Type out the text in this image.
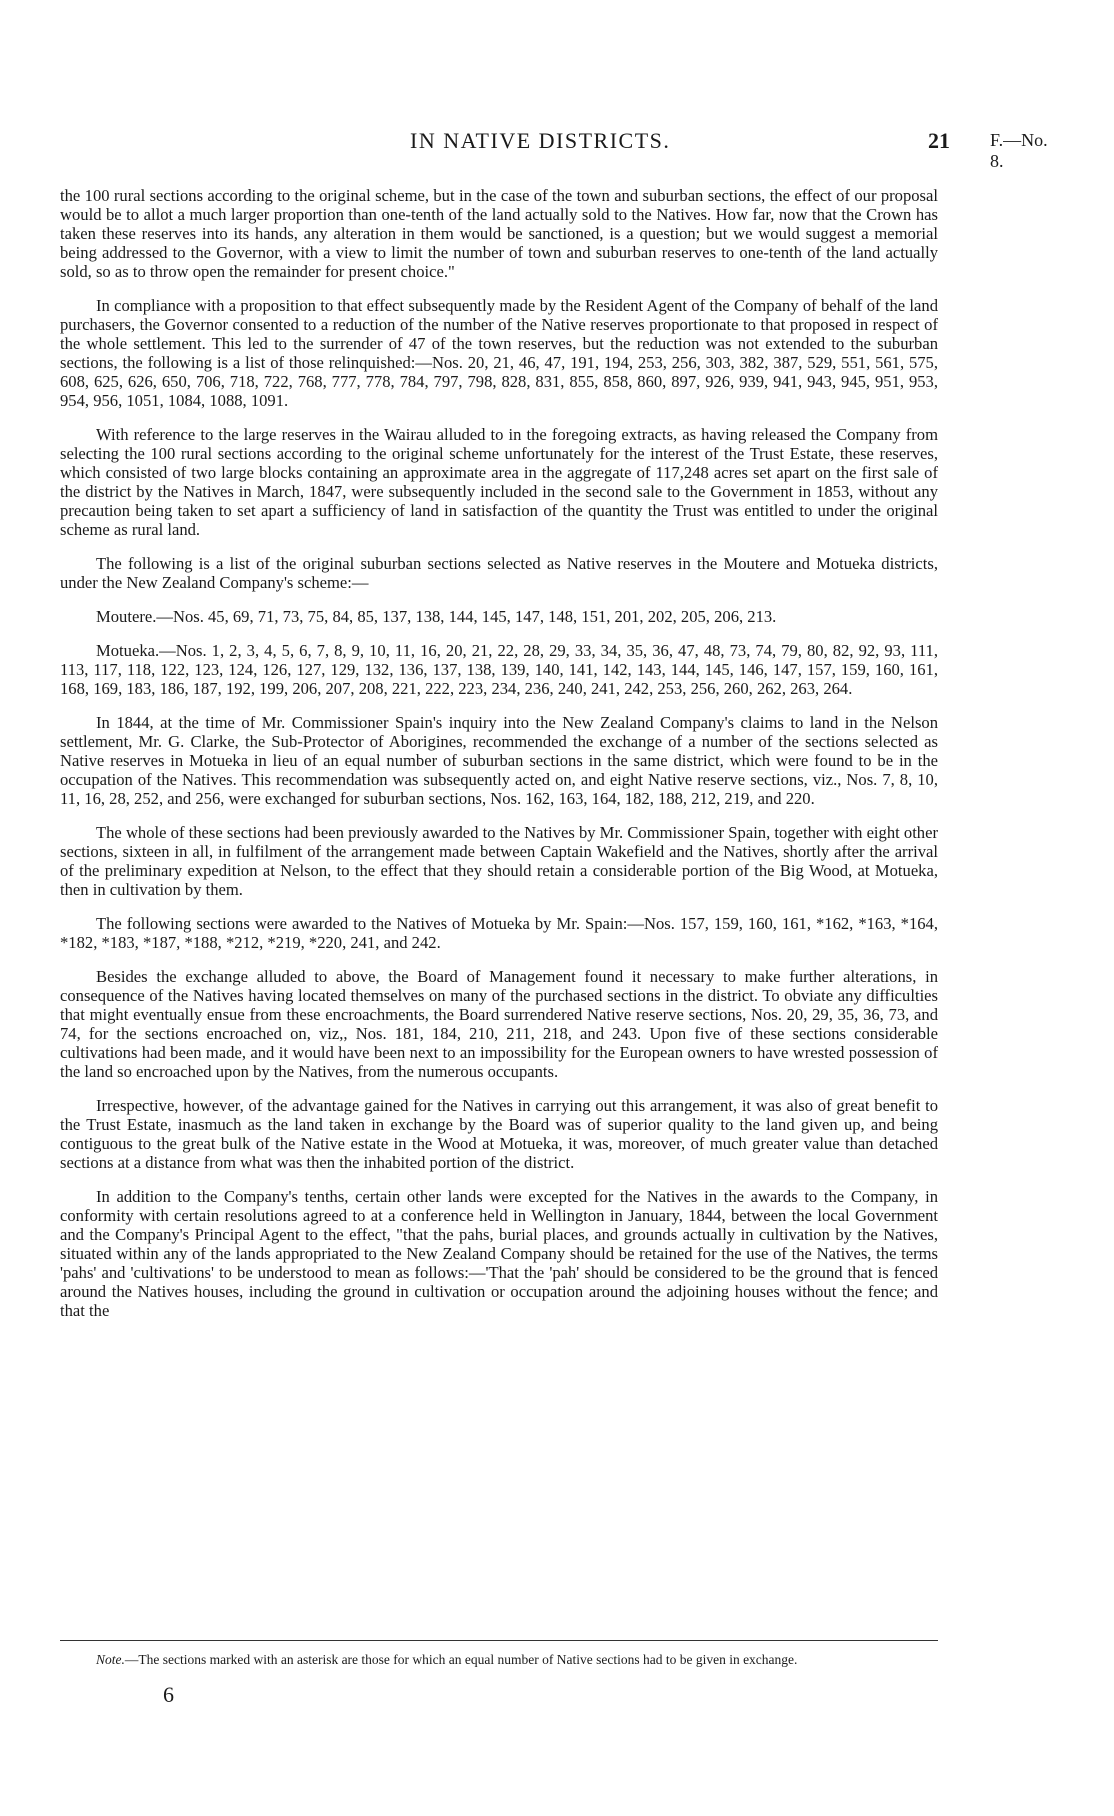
IN NATIVE DISTRICTS.	21 F.—No. 8.

the 100 rural sections according to the original scheme, but in the case of the town and suburban sections, the effect of our proposal would be to allot a much larger proportion than one-tenth of the land actually sold to the Natives. How far, now that the Crown has taken these reserves into its hands, any alteration in them would be sanctioned, is a question; but we would suggest a memorial being addressed to the Governor, with a view to limit the number of town and suburban reserves to one-tenth of the land actually sold, so as to throw open the remainder for present choice."

In compliance with a proposition to that effect subsequently made by the Resident Agent of the Company of behalf of the land purchasers, the Governor consented to a reduction of the number of the Native reserves proportionate to that proposed in respect of the whole settlement. This led to the surrender of 47 of the town reserves, but the reduction was not extended to the suburban sections, the following is a list of those relinquished:—Nos. 20, 21, 46, 47, 191, 194, 253, 256, 303, 382, 387, 529, 551, 561, 575, 608, 625, 626, 650, 706, 718, 722, 768, 777, 778, 784, 797, 798, 828, 831, 855, 858, 860, 897, 926, 939, 941, 943, 945, 951, 953, 954, 956, 1051, 1084, 1088, 1091.

With reference to the large reserves in the Wairau alluded to in the foregoing extracts, as having released the Company from selecting the 100 rural sections according to the original scheme unfortunately for the interest of the Trust Estate, these reserves, which consisted of two large blocks containing an approximate area in the aggregate of 117,248 acres set apart on the first sale of the district by the Natives in March, 1847, were subsequently included in the second sale to the Government in 1853, without any precaution being taken to set apart a sufficiency of land in satisfaction of the quantity the Trust was entitled to under the original scheme as rural land.

The following is a list of the original suburban sections selected as Native reserves in the Moutere and Motueka districts, under the New Zealand Company's scheme:—

Moutere.—Nos. 45, 69, 71, 73, 75, 84, 85, 137, 138, 144, 145, 147, 148, 151, 201, 202, 205, 206, 213.

Motueka.—Nos. 1, 2, 3, 4, 5, 6, 7, 8, 9, 10, 11, 16, 20, 21, 22, 28, 29, 33, 34, 35, 36, 47, 48, 73, 74, 79, 80, 82, 92, 93, 111, 113, 117, 118, 122, 123, 124, 126, 127, 129, 132, 136, 137, 138, 139, 140, 141, 142, 143, 144, 145, 146, 147, 157, 159, 160, 161, 168, 169, 183, 186, 187, 192, 199, 206, 207, 208, 221, 222, 223, 234, 236, 240, 241, 242, 253, 256, 260, 262, 263, 264.

In 1844, at the time of Mr. Commissioner Spain's inquiry into the New Zealand Company's claims to land in the Nelson settlement, Mr. G. Clarke, the Sub-Protector of Aborigines, recommended the exchange of a number of the sections selected as Native reserves in Motueka in lieu of an equal number of suburban sections in the same district, which were found to be in the occupation of the Natives. This recommendation was subsequently acted on, and eight Native reserve sections, viz., Nos. 7, 8, 10, 11, 16, 28, 252, and 256, were exchanged for suburban sections, Nos. 162, 163, 164, 182, 188, 212, 219, and 220.

The whole of these sections had been previously awarded to the Natives by Mr. Commissioner Spain, together with eight other sections, sixteen in all, in fulfilment of the arrangement made between Captain Wakefield and the Natives, shortly after the arrival of the preliminary expedition at Nelson, to the effect that they should retain a considerable portion of the Big Wood, at Motueka, then in cultivation by them.

The following sections were awarded to the Natives of Motueka by Mr. Spain:—Nos. 157, 159, 160, 161, *162, *163, *164, *182, *183, *187, *188, *212, *219, *220, 241, and 242.

Besides the exchange alluded to above, the Board of Management found it necessary to make further alterations, in consequence of the Natives having located themselves on many of the purchased sections in the district. To obviate any difficulties that might eventually ensue from these encroachments, the Board surrendered Native reserve sections, Nos. 20, 29, 35, 36, 73, and 74, for the sections encroached on, viz,, Nos. 181, 184, 210, 211, 218, and 243. Upon five of these sections considerable cultivations had been made, and it would have been next to an impossibility for the European owners to have wrested possession of the land so encroached upon by the Natives, from the numerous occupants.

Irrespective, however, of the advantage gained for the Natives in carrying out this arrangement, it was also of great benefit to the Trust Estate, inasmuch as the land taken in exchange by the Board was of superior quality to the land given up, and being contiguous to the great bulk of the Native estate in the Wood at Motueka, it was, moreover, of much greater value than detached sections at a distance from what was then the inhabited portion of the district.

In addition to the Company's tenths, certain other lands were excepted for the Natives in the awards to the Company, in conformity with certain resolutions agreed to at a conference held in Wellington in January, 1844, between the local Government and the Company's Principal Agent to the effect, "that the pahs, burial places, and grounds actually in cultivation by the Natives, situated within any of the lands appropriated to the New Zealand Company should be retained for the use of the Natives, the terms 'pahs' and 'cultivations' to be understood to mean as follows:—'That the 'pah' should be considered to be the ground that is fenced around the Natives houses, including the ground in cultivation or occupation around the adjoining houses without the fence; and that the

Note.—The sections marked with an asterisk are those for which an equal number of Native sections had to be given in exchange.
6
